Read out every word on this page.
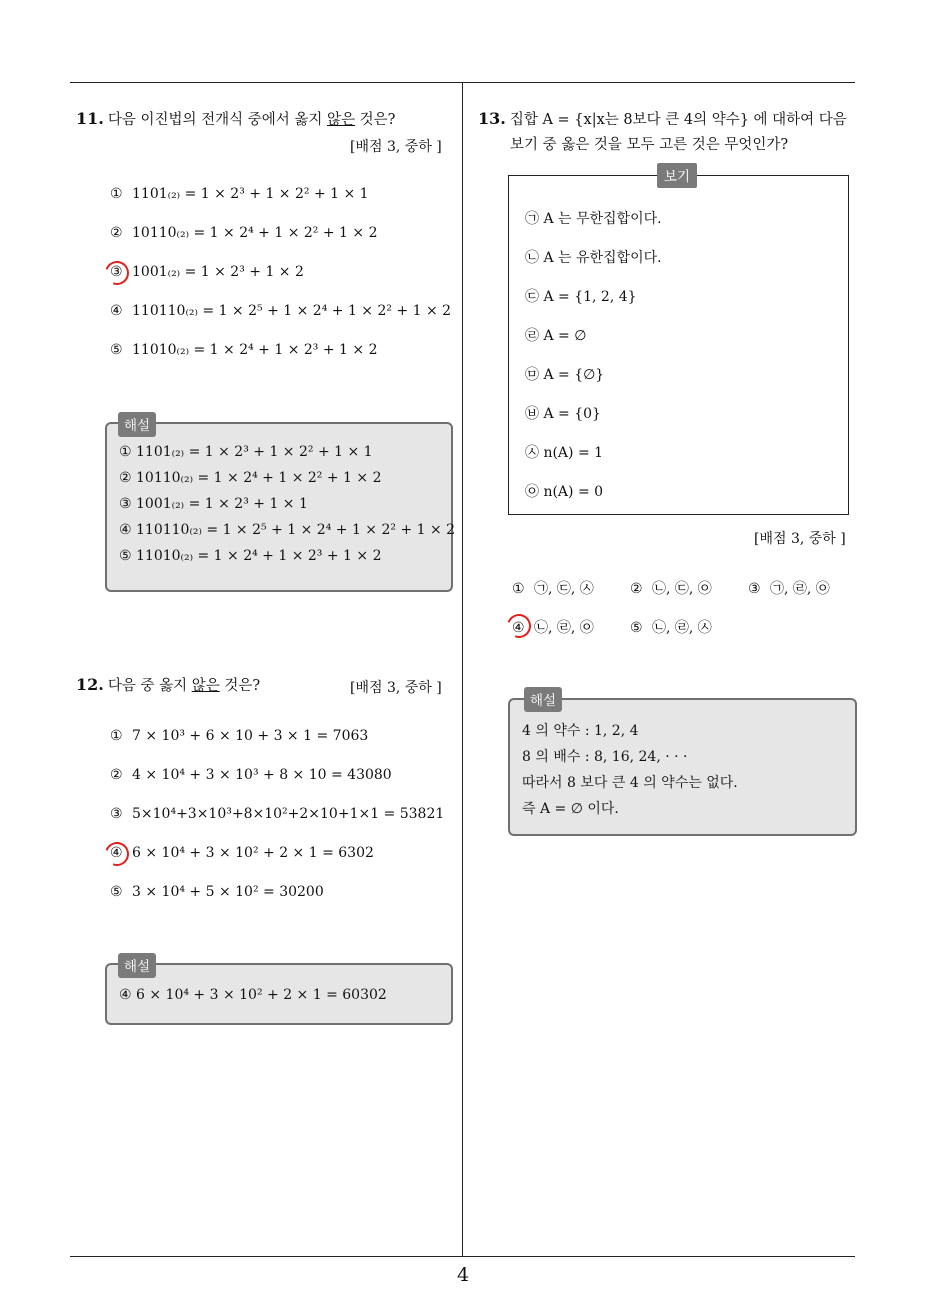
11. 다음 이진법의 전개식 중에서 옳지 않은 것은?
[배점 3, 중하 ]
① 1101₍₂₎ = 1 × 2³ + 1 × 2² + 1 × 1
② 10110₍₂₎ = 1 × 2⁴ + 1 × 2² + 1 × 2
③ 1001₍₂₎ = 1 × 2³ + 1 × 2
④ 110110₍₂₎ = 1 × 2⁵ + 1 × 2⁴ + 1 × 2² + 1 × 2
⑤ 11010₍₂₎ = 1 × 2⁴ + 1 × 2³ + 1 × 2
① 1101₍₂₎ = 1 × 2³ + 1 × 2² + 1 × 1
② 10110₍₂₎ = 1 × 2⁴ + 1 × 2² + 1 × 2
③ 1001₍₂₎ = 1 × 2³ + 1 × 1
④ 110110₍₂₎ = 1 × 2⁵ + 1 × 2⁴ + 1 × 2² + 1 × 2
⑤ 11010₍₂₎ = 1 × 2⁴ + 1 × 2³ + 1 × 2
해설
12. 다음 중 옳지 않은 것은?	[배점 3, 중하 ]
① 7 × 10³ + 6 × 10 + 3 × 1 = 7063
② 4 × 10⁴ + 3 × 10³ + 8 × 10 = 43080
③ 5×10⁴+3×10³+8×10²+2×10+1×1 = 53821
④ 6 × 10⁴ + 3 × 10² + 2 × 1 = 6302
⑤ 3 × 10⁴ + 5 × 10² = 30200
④ 6 × 10⁴ + 3 × 10² + 2 × 1 = 60302
해설
13. 집합 A = {x|x는 8보다 큰 4의 약수} 에 대하여 다음
보기 중 옳은 것을 모두 고른 것은 무엇인가?
㉠ A 는 무한집합이다.
㉡ A 는 유한집합이다.
㉢ A = {1, 2, 4}
㉣ A = ∅
㉤ A = {∅}
㉥ A = {0}
㉦ n(A) = 1
㉧ n(A) = 0
보기
[배점 3, 중하 ]
① ㉠, ㉢, ㉦	② ㉡, ㉢, ㉧	③ ㉠, ㉣, ㉧
④ ㉡, ㉣, ㉧	⑤ ㉡, ㉣, ㉦
4 의 약수 : 1, 2, 4
8 의 배수 : 8, 16, 24, · · ·
따라서 8 보다 큰 4 의 약수는 없다.
즉 A = ∅ 이다.
해설
4
